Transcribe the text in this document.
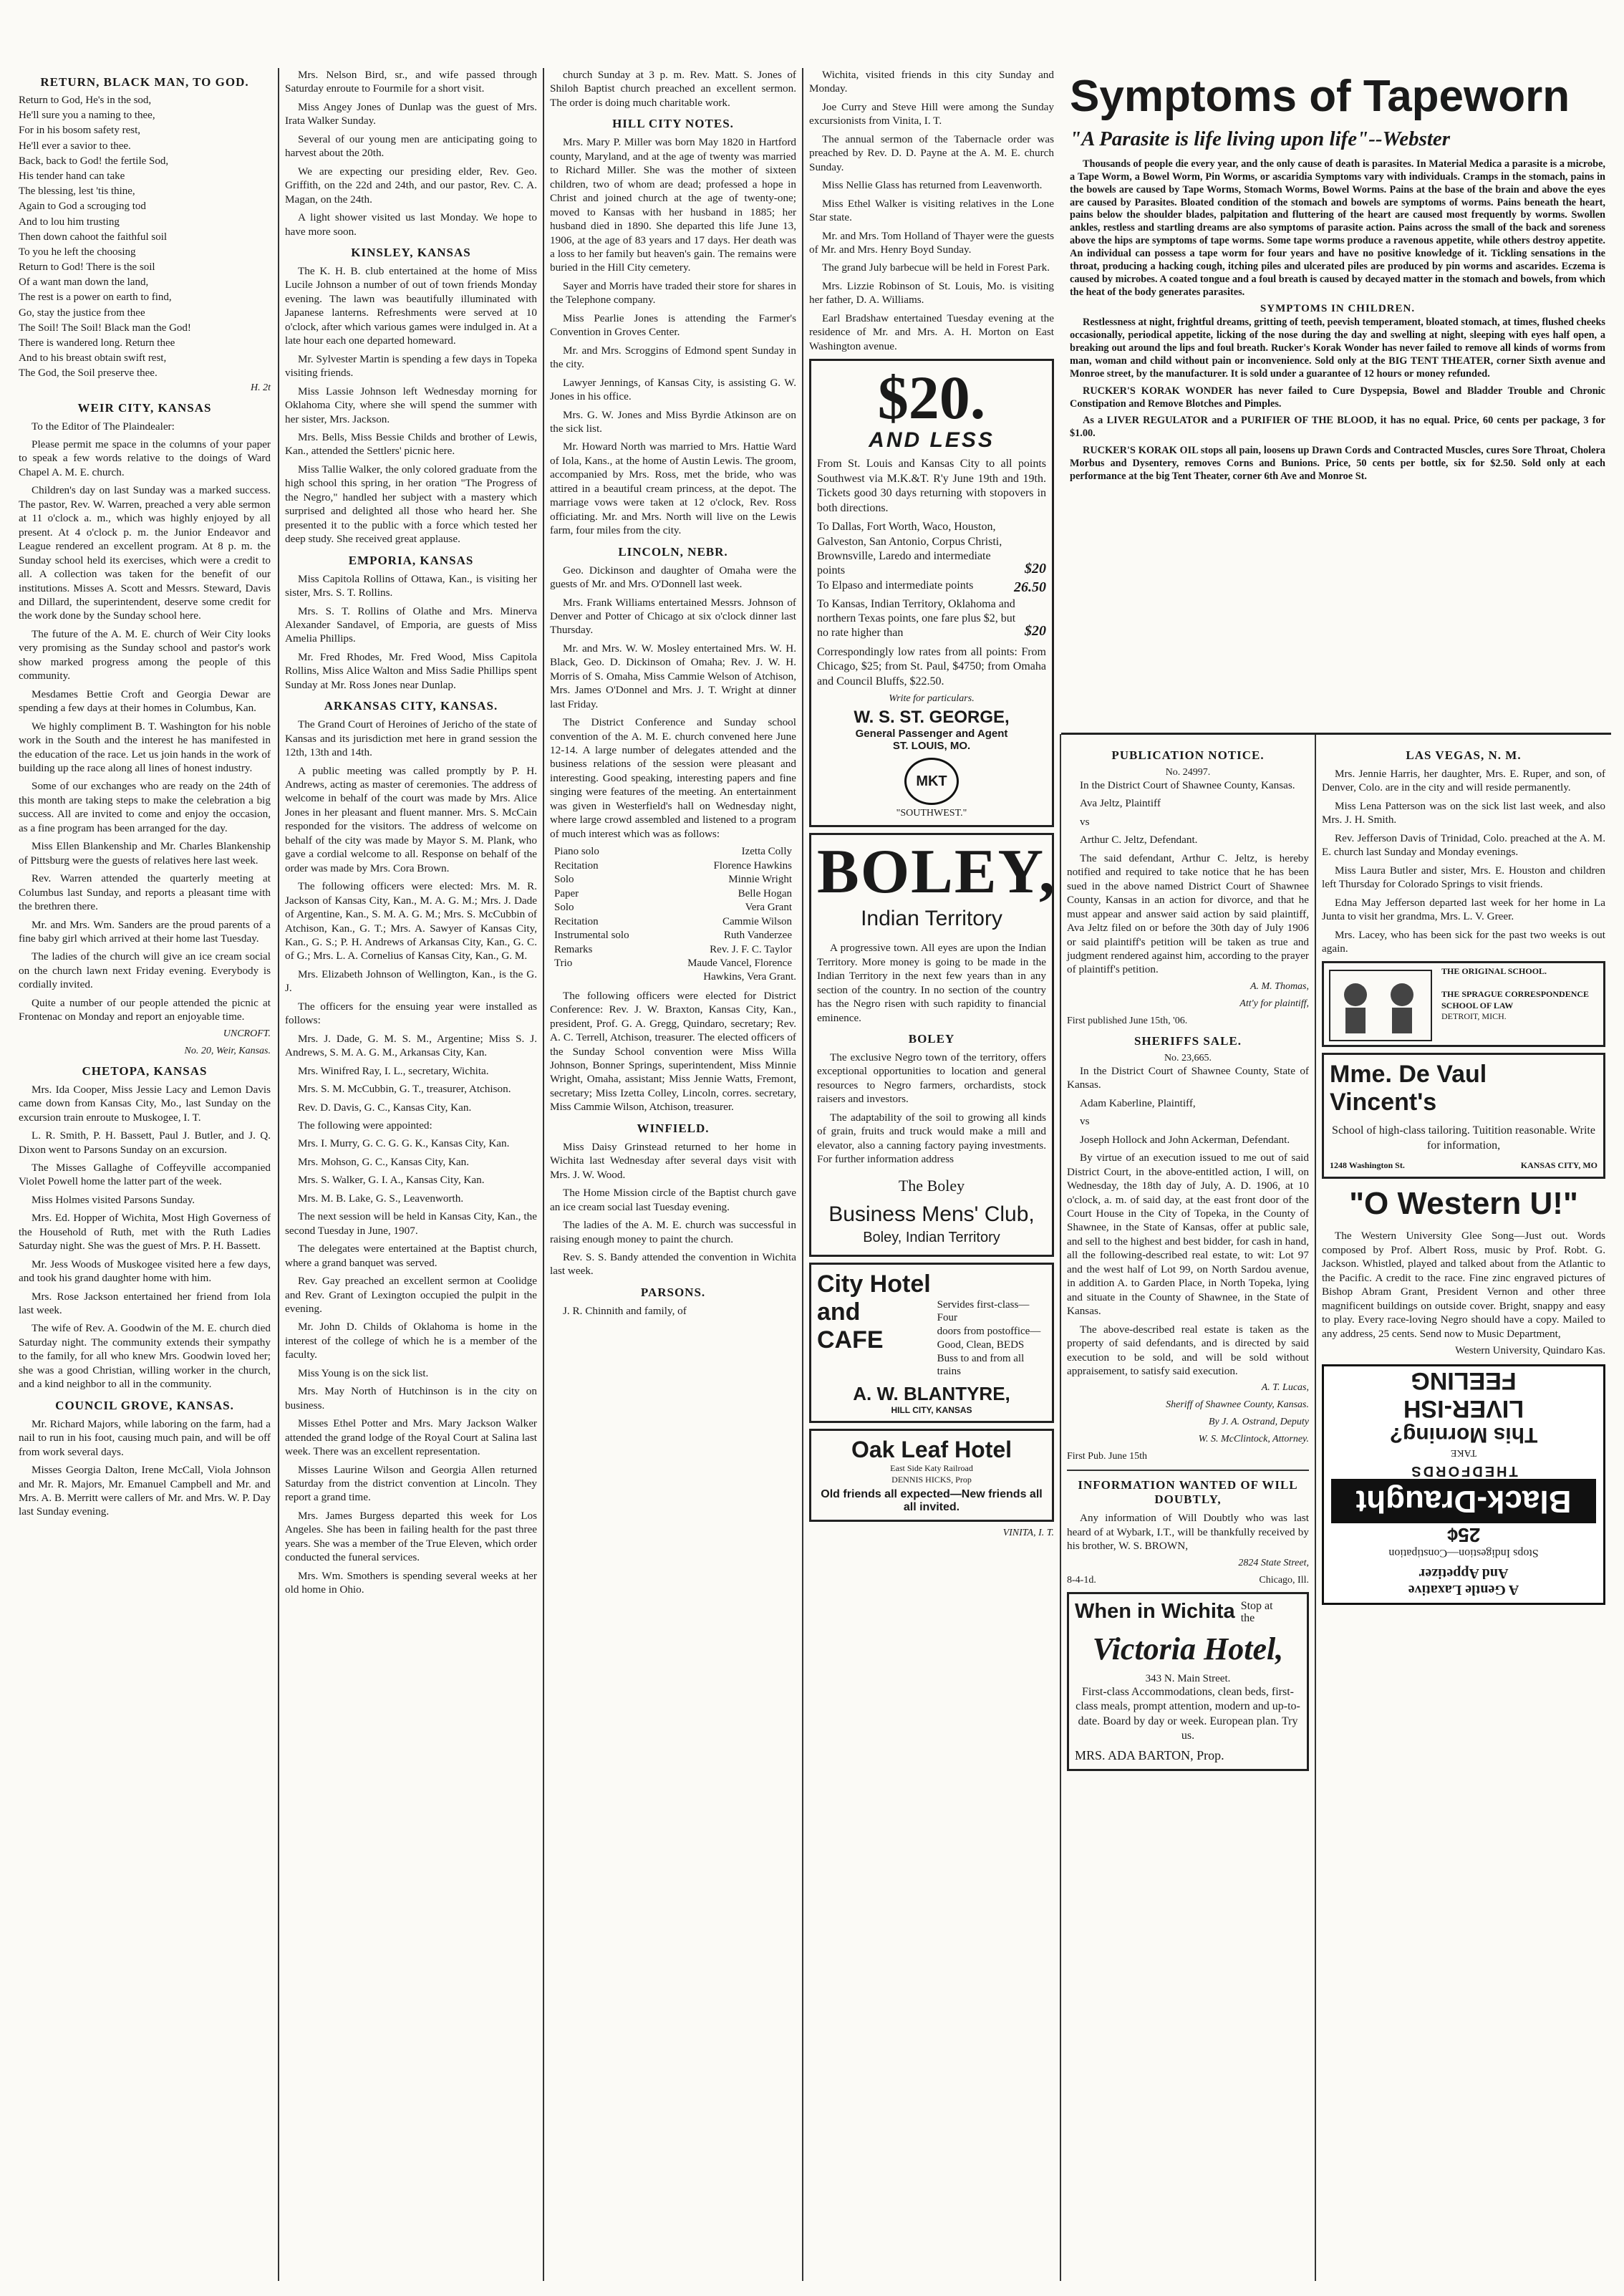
RETURN, BLACK MAN, TO GOD.

Return to God, He's in the sod,

He'll sure you a naming to thee,

For in his bosom safety rest,

He'll ever a savior to thee.

Back, back to God! the fertile Sod,

His tender hand can take

The blessing, lest 'tis thine,

Again to God a scrouging tod

And to lou him trusting

Then down cahoot the faithful soil

To you he left the choosing

Return to God! There is the soil

Of a want man down the land,

The rest is a power on earth to find,

Go, stay the justice from thee

The Soil! The Soil! Black man the God!

There is wandered long. Return thee

And to his breast obtain swift rest,

The God, the Soil preserve thee.

H. 2t
WEIR CITY, KANSAS

To the Editor of The Plaindealer:

Please permit me space in the columns of your paper to speak a few words relative to the doings of Ward Chapel A. M. E. church.

Children's day on last Sunday was a marked success. The pastor, Rev. W. Warren, preached a very able sermon at 11 o'clock a. m., which was highly enjoyed by all present. At 4 o'clock p. m. the Junior Endeavor and League rendered an excellent program. At 8 p. m. the Sunday school held its exercises, which were a credit to all. A collection was taken for the benefit of our institutions. Misses A. Scott and Messrs. Steward, Davis and Dillard, the superintendent, deserve some credit for the work done by the Sunday school here.

The future of the A. M. E. church of Weir City looks very promising as the Sunday school and pastor's work show marked progress among the people of this community.

Mesdames Bettie Croft and Georgia Dewar are spending a few days at their homes in Columbus, Kan.

We highly compliment B. T. Washington for his noble work in the South and the interest he has manifested in the education of the race. Let us join hands in the work of building up the race along all lines of honest industry.

Some of our exchanges who are ready on the 24th of this month are taking steps to make the celebration a big success. All are invited to come and enjoy the occasion, as a fine program has been arranged for the day.

Miss Ellen Blankenship and Mr. Charles Blankenship of Pittsburg were the guests of relatives here last week.

Rev. Warren attended the quarterly meeting at Columbus last Sunday, and reports a pleasant time with the brethren there.

Mr. and Mrs. Wm. Sanders are the proud parents of a fine baby girl which arrived at their home last Tuesday.

The ladies of the church will give an ice cream social on the church lawn next Friday evening. Everybody is cordially invited.

Quite a number of our people attended the picnic at Frontenac on Monday and report an enjoyable time.

UNCROFT.
No. 20, Weir, Kansas.
CHETOPA, KANSAS

Mrs. Ida Cooper, Miss Jessie Lacy and Lemon Davis came down from Kansas City, Mo., last Sunday on the excursion train enroute to Muskogee, I. T.

L. R. Smith, P. H. Bassett, Paul J. Butler, and J. Q. Dixon went to Parsons Sunday on an excursion.

The Misses Gallaghe of Coffeyville accompanied Violet Powell home the latter part of the week.

Miss Holmes visited Parsons Sunday.

Mrs. Ed. Hopper of Wichita, Most High Governess of the Household of Ruth, met with the Ruth Ladies Saturday night. She was the guest of Mrs. P. H. Bassett.

Mr. Jess Woods of Muskogee visited here a few days, and took his grand daughter home with him.

Mrs. Rose Jackson entertained her friend from Iola last week.

The wife of Rev. A. Goodwin of the M. E. church died Saturday night. The community extends their sympathy to the family, for all who knew Mrs. Goodwin loved her; she was a good Christian, willing worker in the church, and a kind neighbor to all in the community.

COUNCIL GROVE, KANSAS.

Mr. Richard Majors, while laboring on the farm, had a nail to run in his foot, causing much pain, and will be off from work several days.

Misses Georgia Dalton, Irene McCall, Viola Johnson and Mr. R. Majors, Mr. Emanuel Campbell and Mr. and Mrs. A. B. Merritt were callers of Mr. and Mrs. W. P. Day last Sunday evening.

Mrs. Nelson Bird, sr., and wife passed through Saturday enroute to Fourmile for a short visit.

Miss Angey Jones of Dunlap was the guest of Mrs. Irata Walker Sunday.

Several of our young men are anticipating going to harvest about the 20th.

We are expecting our presiding elder, Rev. Geo. Griffith, on the 22d and 24th, and our pastor, Rev. C. A. Magan, on the 24th.

A light shower visited us last Monday. We hope to have more soon.

KINSLEY, KANSAS

The K. H. B. club entertained at the home of Miss Lucile Johnson a number of out of town friends Monday evening. The lawn was beautifully illuminated with Japanese lanterns. Refreshments were served at 10 o'clock, after which various games were indulged in. At a late hour each one departed homeward.

Mr. Sylvester Martin is spending a few days in Topeka visiting friends.

Miss Lassie Johnson left Wednesday morning for Oklahoma City, where she will spend the summer with her sister, Mrs. Jackson.

Mrs. Bells, Miss Bessie Childs and brother of Lewis, Kan., attended the Settlers' picnic here.

Miss Tallie Walker, the only colored graduate from the high school this spring, in her oration "The Progress of the Negro," handled her subject with a mastery which surprised and delighted all those who heard her. She presented it to the public with a force which tested her deep study. She received great applause.

EMPORIA, KANSAS

Miss Capitola Rollins of Ottawa, Kan., is visiting her sister, Mrs. S. T. Rollins.

Mrs. S. T. Rollins of Olathe and Mrs. Minerva Alexander Sandavel, of Emporia, are guests of Miss Amelia Phillips.

Mr. Fred Rhodes, Mr. Fred Wood, Miss Capitola Rollins, Miss Alice Walton and Miss Sadie Phillips spent Sunday at Mr. Ross Jones near Dunlap.

ARKANSAS CITY, KANSAS.

The Grand Court of Heroines of Jericho of the state of Kansas and its jurisdiction met here in grand session the 12th, 13th and 14th.

A public meeting was called promptly by P. H. Andrews, acting as master of ceremonies. The address of welcome in behalf of the court was made by Mrs. Alice Jones in her pleasant and fluent manner. Mrs. S. McCain responded for the visitors. The address of welcome on behalf of the city was made by Mayor S. M. Plank, who gave a cordial welcome to all. Response on behalf of the order was made by Mrs. Cora Brown.

The following officers were elected: Mrs. M. R. Jackson of Kansas City, Kan., M. A. G. M.; Mrs. J. Dade of Argentine, Kan., S. M. A. G. M.; Mrs. S. McCubbin of Atchison, Kan., G. T.; Mrs. A. Sawyer of Kansas City, Kan., G. S.; P. H. Andrews of Arkansas City, Kan., G. C. of G.; Mrs. L. A. Cornelius of Kansas City, Kan., G. M.

Mrs. Elizabeth Johnson of Wellington, Kan., is the G. J.

The officers for the ensuing year were installed as follows:

Mrs. J. Dade, G. M. S. M., Argentine; Miss S. J. Andrews, S. M. A. G. M., Arkansas City, Kan.

Mrs. Winifred Ray, I. L., secretary, Wichita.

Mrs. S. M. McCubbin, G. T., treasurer, Atchison.

Rev. D. Davis, G. C., Kansas City, Kan.

The following were appointed:

Mrs. I. Murry, G. C. G. G. K., Kansas City, Kan.

Mrs. Mohson, G. C., Kansas City, Kan.

Mrs. S. Walker, G. I. A., Kansas City, Kan.

Mrs. M. B. Lake, G. S., Leavenworth.

The next session will be held in Kansas City, Kan., the second Tuesday in June, 1907.

The delegates were entertained at the Baptist church, where a grand banquet was served.

Rev. Gay preached an excellent sermon at Coolidge and Rev. Grant of Lexington occupied the pulpit in the evening.

Mr. John D. Childs of Oklahoma is home in the interest of the college of which he is a member of the faculty.

Miss Young is on the sick list.

Mrs. May North of Hutchinson is in the city on business.

Misses Ethel Potter and Mrs. Mary Jackson Walker attended the grand lodge of the Royal Court at Salina last week. There was an excellent representation.

Misses Laurine Wilson and Georgia Allen returned Saturday from the district convention at Lincoln. They report a grand time.

Mrs. James Burgess departed this week for Los Angeles. She has been in failing health for the past three years. She was a member of the True Eleven, which order conducted the funeral services.

Mrs. Wm. Smothers is spending several weeks at her old home in Ohio.

church Sunday at 3 p. m. Rev. Matt. S. Jones of Shiloh Baptist church preached an excellent sermon. The order is doing much charitable work.

HILL CITY NOTES.

Mrs. Mary P. Miller was born May 1820 in Hartford county, Maryland, and at the age of twenty was married to Richard Miller. She was the mother of sixteen children, two of whom are dead; professed a hope in Christ and joined church at the age of twenty-one; moved to Kansas with her husband in 1885; her husband died in 1890. She departed this life June 13, 1906, at the age of 83 years and 17 days. Her death was a loss to her family but heaven's gain. The remains were buried in the Hill City cemetery.

Sayer and Morris have traded their store for shares in the Telephone company.

Miss Pearlie Jones is attending the Farmer's Convention in Groves Center.

Mr. and Mrs. Scroggins of Edmond spent Sunday in the city.

Lawyer Jennings, of Kansas City, is assisting G. W. Jones in his office.

Mrs. G. W. Jones and Miss Byrdie Atkinson are on the sick list.

Mr. Howard North was married to Mrs. Hattie Ward of Iola, Kans., at the home of Austin Lewis. The groom, accompanied by Mrs. Ross, met the bride, who was attired in a beautiful cream princess, at the depot. The marriage vows were taken at 12 o'clock, Rev. Ross officiating. Mr. and Mrs. North will live on the Lewis farm, four miles from the city.

LINCOLN, NEBR.

Geo. Dickinson and daughter of Omaha were the guests of Mr. and Mrs. O'Donnell last week.

Mrs. Frank Williams entertained Messrs. Johnson of Denver and Potter of Chicago at six o'clock dinner last Thursday.

Mr. and Mrs. W. W. Mosley entertained Mrs. W. H. Black, Geo. D. Dickinson of Omaha; Rev. J. W. H. Morris of S. Omaha, Miss Cammie Welson of Atchison, Mrs. James O'Donnel and Mrs. J. T. Wright at dinner last Friday.

The District Conference and Sunday school convention of the A. M. E. church convened here June 12-14. A large number of delegates attended and the business relations of the session were pleasant and interesting. Good speaking, interesting papers and fine singing were features of the meeting. An entertainment was given in Westerfield's hall on Wednesday night, where large crowd assembled and listened to a program of much interest which was as follows:

Piano solo	Izetta Colly
Recitation	Florence Hawkins
Solo	Minnie Wright
Paper	Belle Hogan
Solo	Vera Grant
Recitation	Cammie Wilson
Instrumental solo	Ruth Vanderzee
Remarks	Rev. J. F. C. Taylor
Trio	Maude Vancel, Florence
Hawkins, Vera Grant.

The following officers were elected for District Conference: Rev. J. W. Braxton, Kansas City, Kan., president, Prof. G. A. Gregg, Quindaro, secretary; Rev. A. C. Terrell, Atchison, treasurer. The elected officers of the Sunday School convention were Miss Willa Johnson, Bonner Springs, superintendent, Miss Minnie Wright, Omaha, assistant; Miss Jennie Watts, Fremont, secretary; Miss Izetta Colley, Lincoln, corres. secretary, Miss Cammie Wilson, Atchison, treasurer.

WINFIELD.

Miss Daisy Grinstead returned to her home in Wichita last Wednesday after several days visit with Mrs. J. W. Wood.

The Home Mission circle of the Baptist church gave an ice cream social last Tuesday evening.

The ladies of the A. M. E. church was successful in raising enough money to paint the church.

Rev. S. S. Bandy attended the convention in Wichita last week.

PARSONS.

J. R. Chinnith and family, of

Wichita, visited friends in this city Sunday and Monday.

Joe Curry and Steve Hill were among the Sunday excursionists from Vinita, I. T.

The annual sermon of the Tabernacle order was preached by Rev. D. D. Payne at the A. M. E. church Sunday.

Miss Nellie Glass has returned from Leavenworth.

Miss Ethel Walker is visiting relatives in the Lone Star state.

Mr. and Mrs. Tom Holland of Thayer were the guests of Mr. and Mrs. Henry Boyd Sunday.

The grand July barbecue will be held in Forest Park.

Mrs. Lizzie Robinson of St. Louis, Mo. is visiting her father, D. A. Williams.

Earl Bradshaw entertained Tuesday evening at the residence of Mr. and Mrs. A. H. Morton on East Washington avenue.

$20.
AND LESS

From St. Louis and Kansas City to all points Southwest via M.K.&T. R'y June 19th and 19th. Tickets good 30 days returning with stopovers in both directions.

To Dallas, Fort Worth, Waco, Houston, Galveston, San Antonio, Corpus Christi, Brownsville, Laredo and intermediate points	$20
To Elpaso and intermediate points	26.50
To Kansas, Indian Territory, Oklahoma and northern Texas points, one fare plus $2, but no rate higher than	$20

Correspondingly low rates from all points: From Chicago, $25; from St. Paul, $4750; from Omaha and Council Bluffs, $22.50.

Write for particulars.
W. S. ST. GEORGE,
General Passenger and Agent
ST. LOUIS, MO.
MKT
"SOUTHWEST."
BOLEY,
Indian Territory

A progressive town. All eyes are upon the Indian Territory. More money is going to be made in the Indian Territory in the next few years than in any section of the country. In no section of the country has the Negro risen with such rapidity to financial eminence.

BOLEY

The exclusive Negro town of the territory, offers exceptional opportunities to location and general resources to Negro farmers, orchardists, stock raisers and investors.

The adaptability of the soil to growing all kinds of grain, fruits and truck would make a mill and elevator, also a canning factory paying investments. For further information address

The Boley
Business Mens' Club,
Boley, Indian Territory
City Hotel
and CAFE
Servides first-class—Four
doors from postoffice—
Good, Clean, BEDS
Buss to and from all
trains
A. W. BLANTYRE,
HILL CITY, KANSAS
Oak Leaf Hotel
East Side Katy Railroad
DENNIS HICKS, Prop
Old friends all expected—New friends all all invited.
VINITA, I. T.
Symptoms of Tapeworn
"A Parasite is life living upon life"--Webster

Thousands of people die every year, and the only cause of death is parasites. In Material Medica a parasite is a microbe, a Tape Worm, a Bowel Worm, Pin Worms, or ascaridia Symptoms vary with individuals. Cramps in the stomach, pains in the bowels are caused by Tape Worms, Stomach Worms, Bowel Worms. Pains at the base of the brain and above the eyes are caused by Parasites. Bloated condition of the stomach and bowels are symptoms of worms. Pains beneath the heart, pains below the shoulder blades, palpitation and fluttering of the heart are caused most frequently by worms. Swollen ankles, restless and startling dreams are also symptoms of parasite action. Pains across the small of the back and soreness above the hips are symptoms of tape worms. Some tape worms produce a ravenous appetite, while others destroy appetite. An individual can possess a tape worm for four years and have no positive knowledge of it. Tickling sensations in the throat, producing a hacking cough, itching piles and ulcerated piles are produced by pin worms and ascarides. Eczema is caused by microbes. A coated tongue and a foul breath is caused by decayed matter in the stomach and bowels, from which the heat of the body generates parasites.

SYMPTOMS IN CHILDREN.

Restlessness at night, frightful dreams, gritting of teeth, peevish temperament, bloated stomach, at times, flushed cheeks occasionally, periodical appetite, licking of the nose during the day and swelling at night, sleeping with eyes half open, a breaking out around the lips and foul breath. Rucker's Korak Wonder has never failed to remove all kinds of worms from man, woman and child without pain or inconvenience. Sold only at the BIG TENT THEATER, corner Sixth avenue and Monroe street, by the manufacturer. It is sold under a guarantee of 12 hours or money refunded.

RUCKER'S KORAK WONDER has never failed to Cure Dyspepsia, Bowel and Bladder Trouble and Chronic Constipation and Remove Blotches and Pimples.

As a LIVER REGULATOR and a PURIFIER OF THE BLOOD, it has no equal. Price, 60 cents per package, 3 for $1.00.

RUCKER'S KORAK OIL stops all pain, loosens up Drawn Cords and Contracted Muscles, cures Sore Throat, Cholera Morbus and Dysentery, removes Corns and Bunions. Price, 50 cents per bottle, six for $2.50. Sold only at each performance at the big Tent Theater, corner 6th Ave and Monroe St.

PUBLICATION NOTICE.
No. 24997.

In the District Court of Shawnee County, Kansas.

Ava Jeltz, Plaintiff

vs

Arthur C. Jeltz, Defendant.

The said defendant, Arthur C. Jeltz, is hereby notified and required to take notice that he has been sued in the above named District Court of Shawnee County, Kansas in an action for divorce, and that he must appear and answer said action by said plaintiff, Ava Jeltz filed on or before the 30th day of July 1906 or said plaintiff's petition will be taken as true and judgment rendered against him, according to the prayer of plaintiff's petition.

A. M. Thomas,
Att'y for plaintiff,
First published June 15th, '06.
SHERIFFS SALE.
No. 23,665.

In the District Court of Shawnee County, State of Kansas.

Adam Kaberline, Plaintiff,

vs

Joseph Hollock and John Ackerman, Defendant.

By virtue of an execution issued to me out of said District Court, in the above-entitled action, I will, on Wednesday, the 18th day of July, A. D. 1906, at 10 o'clock, a. m. of said day, at the east front door of the Court House in the City of Topeka, in the County of Shawnee, in the State of Kansas, offer at public sale, and sell to the highest and best bidder, for cash in hand, all the following-described real estate, to wit: Lot 97 and the west half of Lot 99, on North Sardou avenue, in addition A. to Garden Place, in North Topeka, lying and situate in the County of Shawnee, in the State of Kansas.

The above-described real estate is taken as the property of said defendants, and is directed by said execution to be sold, and will be sold without appraisement, to satisfy said execution.

A. T. Lucas,
Sheriff of Shawnee County, Kansas.
By J. A. Ostrand, Deputy
W. S. McClintock, Attorney.
First Pub. June 15th
INFORMATION WANTED OF WILL DOUBTLY,

Any information of Will Doubtly who was last heard of at Wybark, I.T., will be thankfully received by his brother, W. S. BROWN,

2824 State Street,
8-4-1d.	Chicago, Ill.
When in Wichita Stop at the
Victoria Hotel,
343 N. Main Street.

First-class Accommodations, clean beds, first-class meals, prompt attention, modern and up-to-date. Board by day or week. European plan. Try us.

MRS. ADA BARTON, Prop.
LAS VEGAS, N. M.

Mrs. Jennie Harris, her daughter, Mrs. E. Ruper, and son, of Denver, Colo. are in the city and will reside permanently.

Miss Lena Patterson was on the sick list last week, and also Mrs. J. H. Smith.

Rev. Jefferson Davis of Trinidad, Colo. preached at the A. M. E. church last Sunday and Monday evenings.

Miss Laura Butler and sister, Mrs. E. Houston and children left Thursday for Colorado Springs to visit friends.

Edna May Jefferson departed last week for her home in La Junta to visit her grandma, Mrs. L. V. Greer.

Mrs. Lacey, who has been sick for the past two weeks is out again.

THE ORIGINAL SCHOOL.
THE SPRAGUE CORRESPONDENCE SCHOOL OF LAW
DETROIT, MICH.
Mme. De Vaul
Vincent's

School of high-class tailoring. Tuitition reasonable. Write for information,

1248 Washington St.	KANSAS CITY, MO
"O Western U!"

The Western University Glee Song—Just out. Words composed by Prof. Albert Ross, music by Prof. Robt. G. Jackson. Whistled, played and talked about from the Atlantic to the Pacific. A credit to the race. Fine zinc engraved pictures of Bishop Abram Grant, President Vernon and other three magnificent buildings on outside cover. Bright, snappy and easy to play. Every race-loving Negro should have a copy. Mailed to any address, 25 cents. Send now to Music Department,

Western University, Quindaro Kas.
A Gentle Laxative
And Appetizer
Stops Indigestion—Constipation
25¢
Black-Draught
THEDFORDS
TAKE
This Morning?
LIVER-ISH
FEELING
